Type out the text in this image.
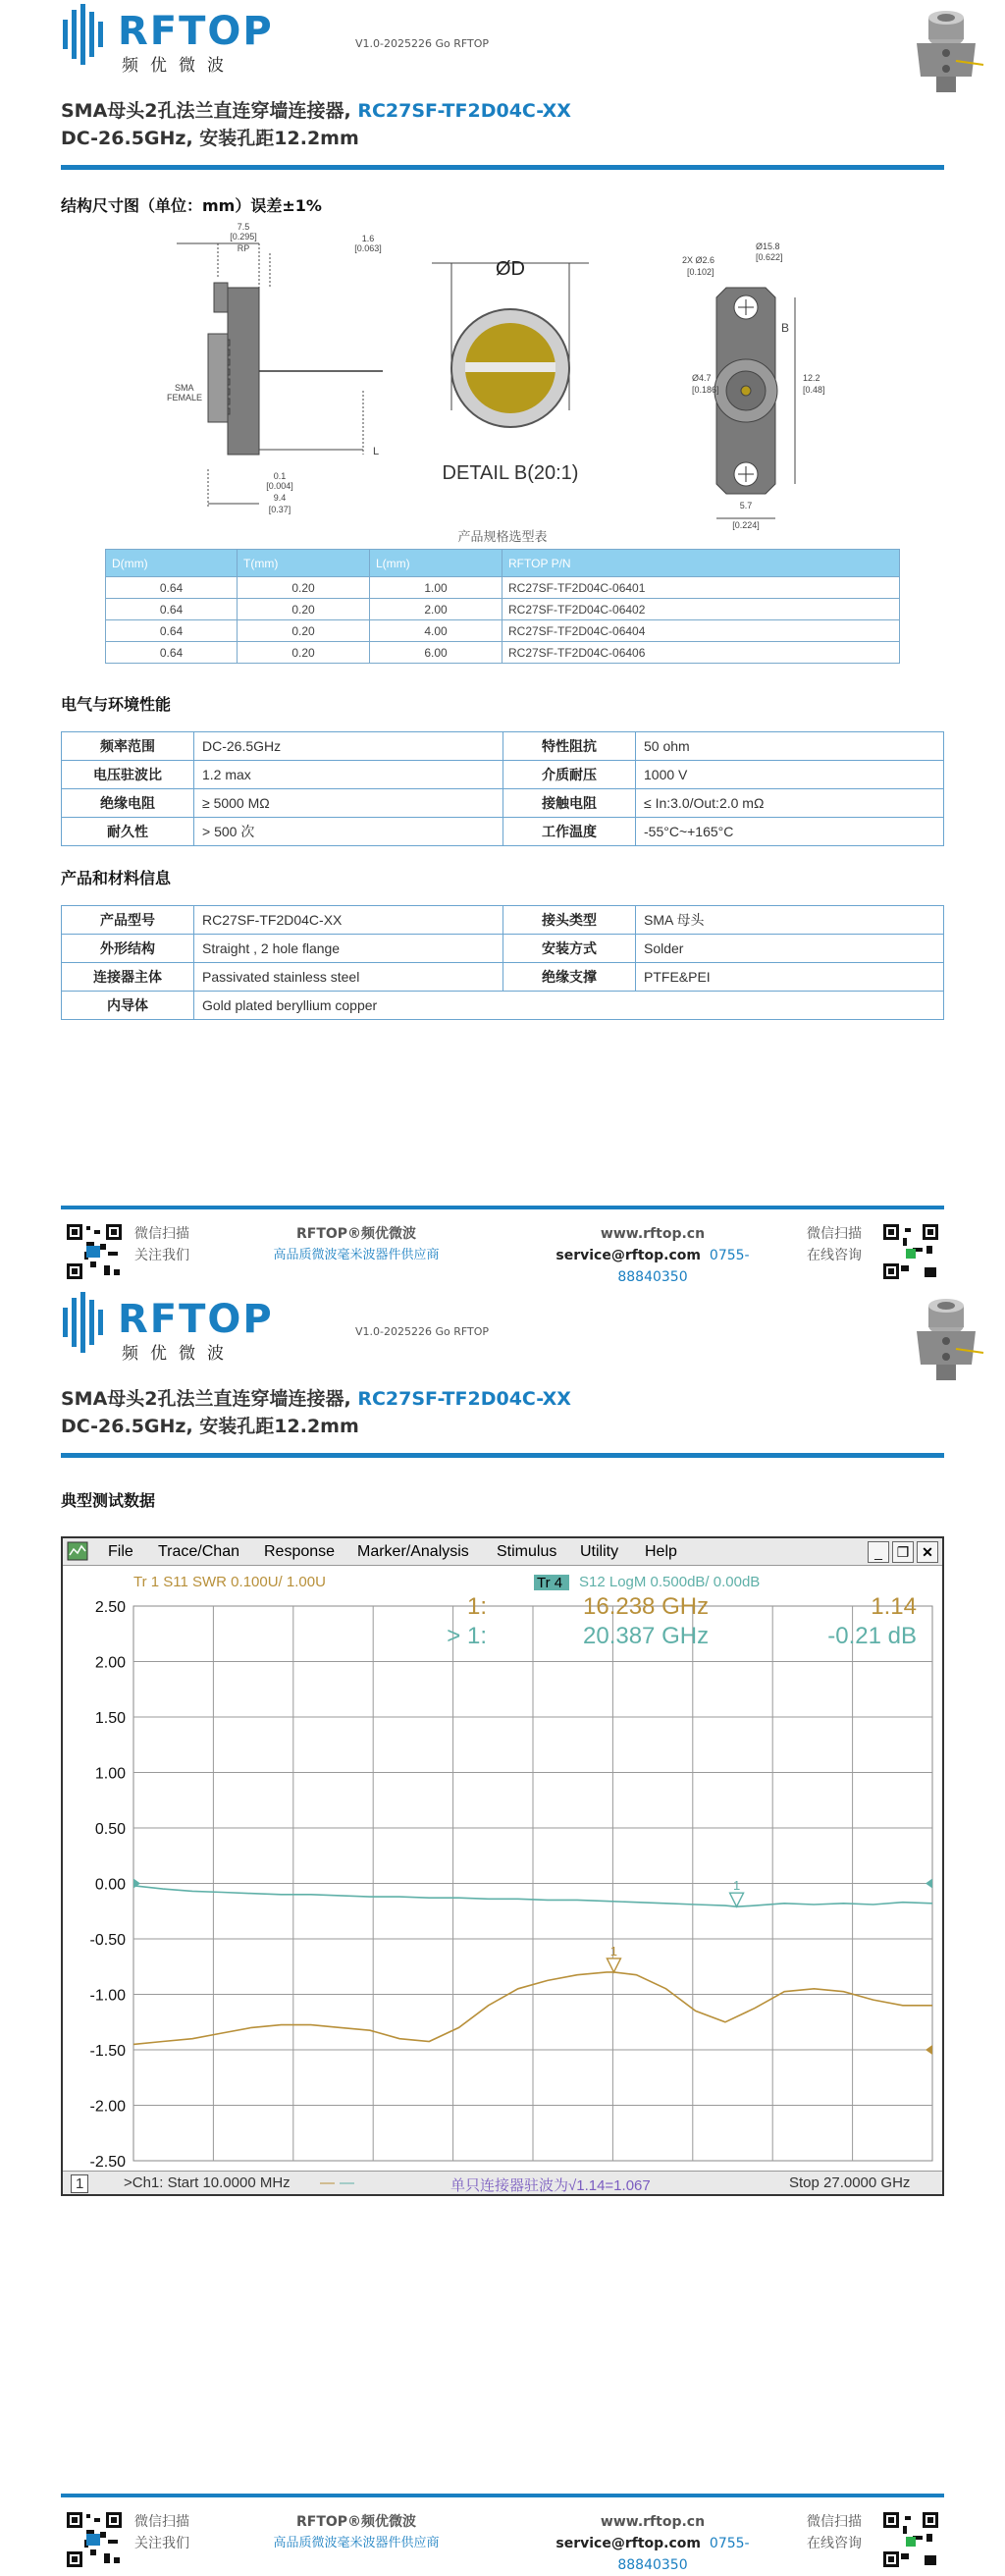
RFTOP
频优微波
V1.0-2025226 Go RFTOP
SMA母头2孔法兰直连穿墙连接器, RC27SF-TF2D04C-XX
DC-26.5GHz, 安装孔距12.2mm
结构尺寸图（单位：mm）误差±1%
7.5
[0.295]
RP
1.6
[0.063]
SMA
FEMALE
L
0.1
[0.004]
9.4
[0.37]
ØD
DETAIL B(20:1)
2X Ø2.6
[0.102]
Ø15.8
[0.622]
B
Ø4.7
[0.186]
12.2
[0.48]
5.7
[0.224]
产品规格选型表
D(mm)	T(mm)	L(mm)	RFTOP P/N
0.64	0.20	1.00	RC27SF-TF2D04C-06401
0.64	0.20	2.00	RC27SF-TF2D04C-06402
0.64	0.20	4.00	RC27SF-TF2D04C-06404
0.64	0.20	6.00	RC27SF-TF2D04C-06406
电气与环境性能
频率范围	DC-26.5GHz	特性阻抗	50 ohm
电压驻波比	1.2 max	介质耐压	1000 V
绝缘电阻	≥ 5000 MΩ	接触电阻	≤ In:3.0/Out:2.0 mΩ
耐久性	> 500 次	工作温度	-55°C~+165°C
产品和材料信息
产品型号	RC27SF-TF2D04C-XX	接头类型	SMA 母头
外形结构	Straight , 2 hole flange	安装方式	Solder
连接器主体	Passivated stainless steel	绝缘支撑	PTFE&PEI
内导体	Gold plated beryllium copper		
微信扫描
关注我们
RFTOP®频优微波
高品质微波毫米波器件供应商
www.rftop.cn
service@rftop.com 0755-88840350
微信扫描
在线咨询
RFTOP
频优微波
V1.0-2025226 Go RFTOP
SMA母头2孔法兰直连穿墙连接器, RC27SF-TF2D04C-XX
DC-26.5GHz, 安装孔距12.2mm
典型测试数据
微信扫描
关注我们
RFTOP®频优微波
高品质微波毫米波器件供应商
www.rftop.cn
service@rftop.com 0755-88840350
微信扫描
在线咨询
File Trace/Chan Response Marker/Analysis Stimulus Utility Help	_	❐ ✕
Tr 1 S11 SWR 0.100U/ 1.00U	Tr 4 S12 LogM 0.500dB/ 0.00dB
2.50
2.00
1.50
1.00
0.50
0.00
-0.50
-1.00
-1.50
-2.00
-2.50
1
1
1:	16.238 GHz	1.14
> 1:	20.387 GHz	-0.21 dB
1	>Ch1: Start 10.0000 MHz — —	单只连接器驻波为√1.14=1.067	Stop 27.0000 GHz
